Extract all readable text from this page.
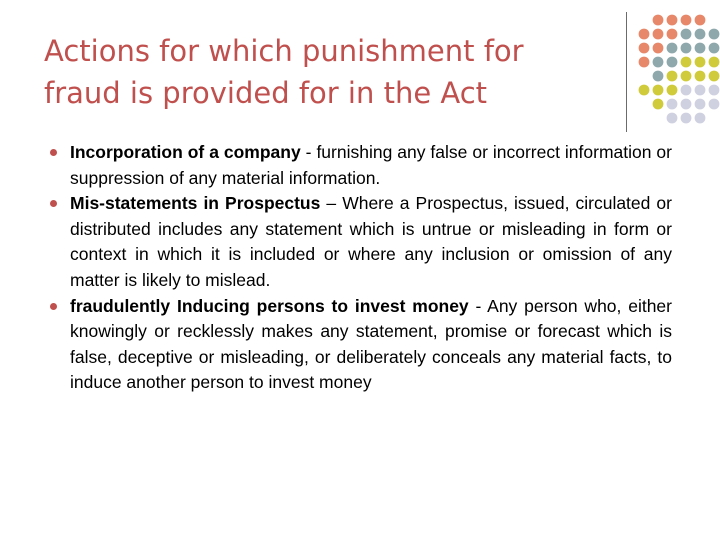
Actions for which punishment for
fraud is provided for in the Act
Incorporation of a company - furnishing any false or incorrect information or suppression of any material information.
Mis-statements in Prospectus – Where a Prospectus, issued, circulated or distributed includes any statement which is untrue or misleading in form or context in which it is included or where any inclusion or omission of any matter is likely to mislead.
fraudulently Inducing persons to invest money - Any person who, either knowingly or recklessly makes any statement, promise or forecast which is false, deceptive or misleading, or deliberately conceals any material facts, to induce another person to invest money
